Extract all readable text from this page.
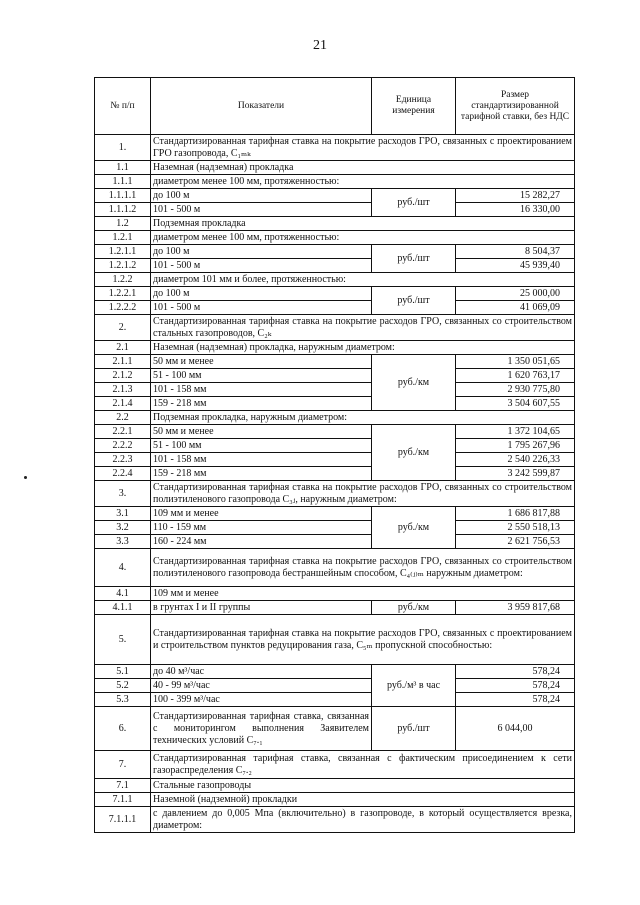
21
№ п/п	Показатели	Единица измерения	Размер стандартизированной тарифной ставки, без НДС
1.	Стандартизированная тарифная ставка на покрытие расходов ГРО, связанных с проектированием ГРО газопровода, С₁ₘₖ		
1.1	Наземная (надземная) прокладка		
1.1.1	диаметром менее 100 мм, протяженностью:		
1.1.1.1	до 100 м	руб./шт	15 282,27
1.1.1.2	101 - 500 м		16 330,00
1.2	Подземная прокладка		
1.2.1	диаметром менее 100 мм, протяженностью:		
1.2.1.1	до 100 м	руб./шт	8 504,37
1.2.1.2	101 - 500 м		45 939,40
1.2.2	диаметром 101 мм и более, протяженностью:		
1.2.2.1	до 100 м	руб./шт	25 000,00
1.2.2.2	101 - 500 м		41 069,09
2.	Стандартизированная тарифная ставка на покрытие расходов ГРО, связанных со строительством стальных газопроводов, С₂ₖ		
2.1	Наземная (надземная) прокладка, наружным диаметром:		
2.1.1	50 мм и менее	руб./км	1 350 051,65
2.1.2	51 - 100 мм		1 620 763,17
2.1.3	101 - 158 мм		2 930 775,80
2.1.4	159 - 218 мм		3 504 607,55
2.2	Подземная прокладка, наружным диаметром:		
2.2.1	50 мм и менее	руб./км	1 372 104,65
2.2.2	51 - 100 мм		1 795 267,96
2.2.3	101 - 158 мм		2 540 226,33
2.2.4	159 - 218 мм		3 242 599,87
3.	Стандартизированная тарифная ставка на покрытие расходов ГРО, связанных со строительством полиэтиленового газопровода С₃ⱼ, наружным диаметром:		
3.1	109 мм и менее	руб./км	1 686 817,88
3.2	110 - 159 мм		2 550 518,13
3.3	160 - 224 мм		2 621 756,53
4.	Стандартизированная тарифная ставка на покрытие расходов ГРО, связанных со строительством полиэтиленового газопровода бестраншейным способом, С₄₍ⱼ₎ₘ наружным диаметром:		
4.1	109 мм и менее		
4.1.1	в грунтах I и II группы	руб./км	3 959 817,68
5.	Стандартизированная тарифная ставка на покрытие расходов ГРО, связанных с проектированием и строительством пунктов редуцирования газа, С₅ₘ пропускной способностью:		
5.1	до 40 м³/час	руб./м³ в час	578,24
5.2	40 - 99 м³/час		578,24
5.3	100 - 399 м³/час		578,24
6.	Стандартизированная тарифная ставка, связанная с мониторингом выполнения Заявителем технических условий С₇.₁	руб./шт	6 044,00
7.	Стандартизированная тарифная ставка, связанная с фактическим присоединением к сети газораспределения С₇.₂		
7.1	Стальные газопроводы		
7.1.1	Наземной (надземной) прокладки		
7.1.1.1	с давлением до 0,005 Мпа (включительно) в газопроводе, в который осуществляется врезка, диаметром:		
